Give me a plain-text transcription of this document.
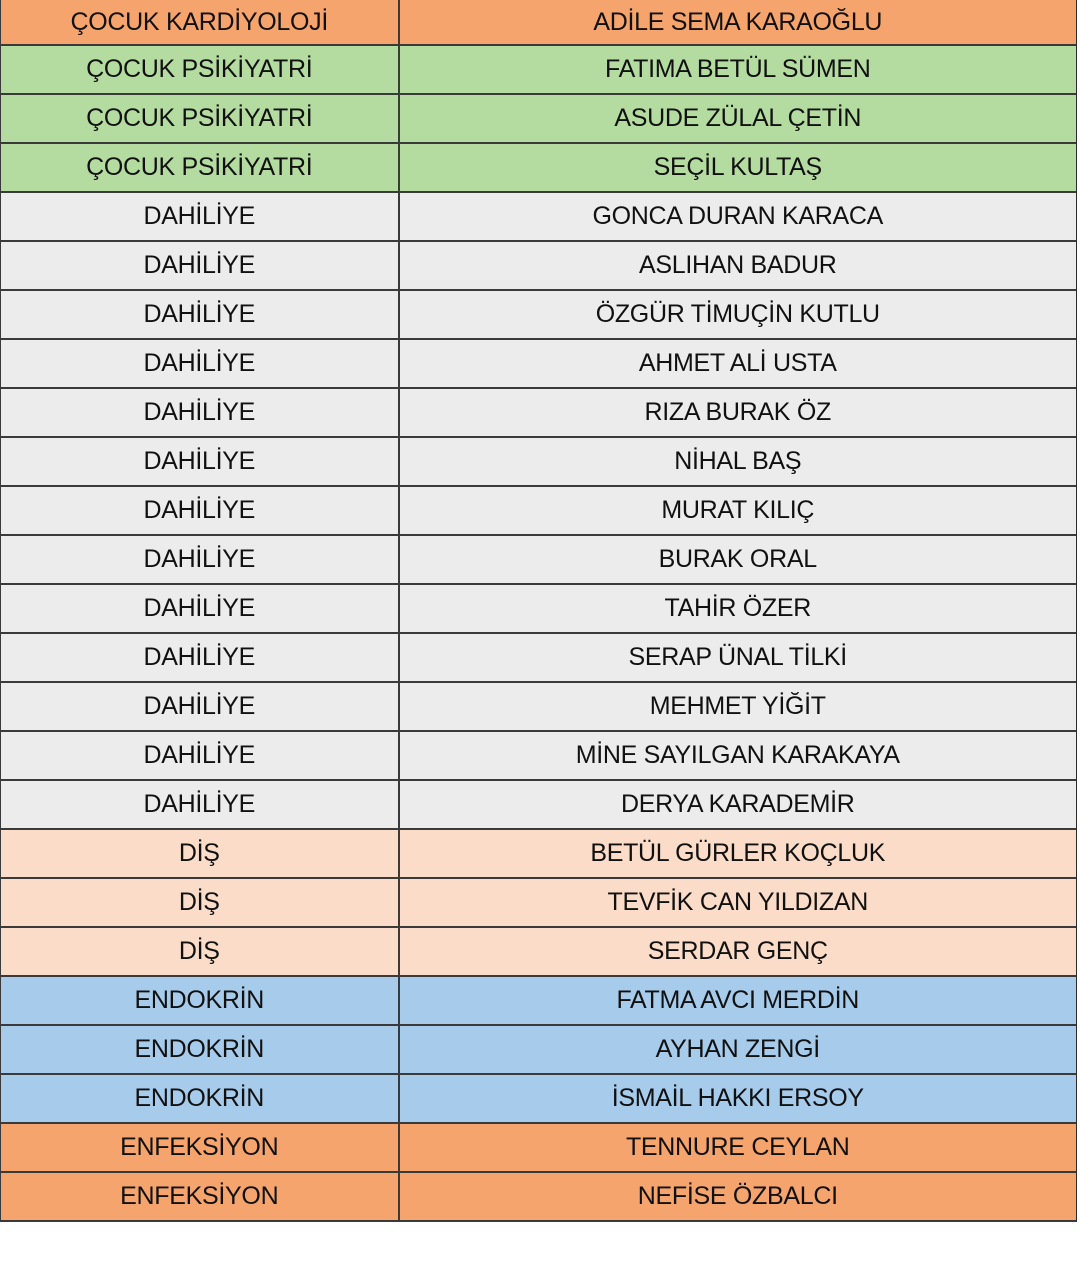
ÇOCUK KARDİYOLOJİ	ADİLE SEMA KARAOĞLU
ÇOCUK PSİKİYATRİ	FATIMA BETÜL SÜMEN
ÇOCUK PSİKİYATRİ	ASUDE ZÜLAL ÇETİN
ÇOCUK PSİKİYATRİ	SEÇİL KULTAŞ
DAHİLİYE	GONCA DURAN KARACA
DAHİLİYE	ASLIHAN BADUR
DAHİLİYE	ÖZGÜR TİMUÇİN KUTLU
DAHİLİYE	AHMET ALİ USTA
DAHİLİYE	RIZA BURAK ÖZ
DAHİLİYE	NİHAL BAŞ
DAHİLİYE	MURAT KILIÇ
DAHİLİYE	BURAK ORAL
DAHİLİYE	TAHİR ÖZER
DAHİLİYE	SERAP ÜNAL TİLKİ
DAHİLİYE	MEHMET YİĞİT
DAHİLİYE	MİNE SAYILGAN KARAKAYA
DAHİLİYE	DERYA KARADEMİR
DİŞ	BETÜL GÜRLER KOÇLUK
DİŞ	TEVFİK CAN YILDIZAN
DİŞ	SERDAR GENÇ
ENDOKRİN	FATMA AVCI MERDİN
ENDOKRİN	AYHAN ZENGİ
ENDOKRİN	İSMAİL HAKKI ERSOY
ENFEKSİYON	TENNURE CEYLAN
ENFEKSİYON	NEFİSE ÖZBALCI
